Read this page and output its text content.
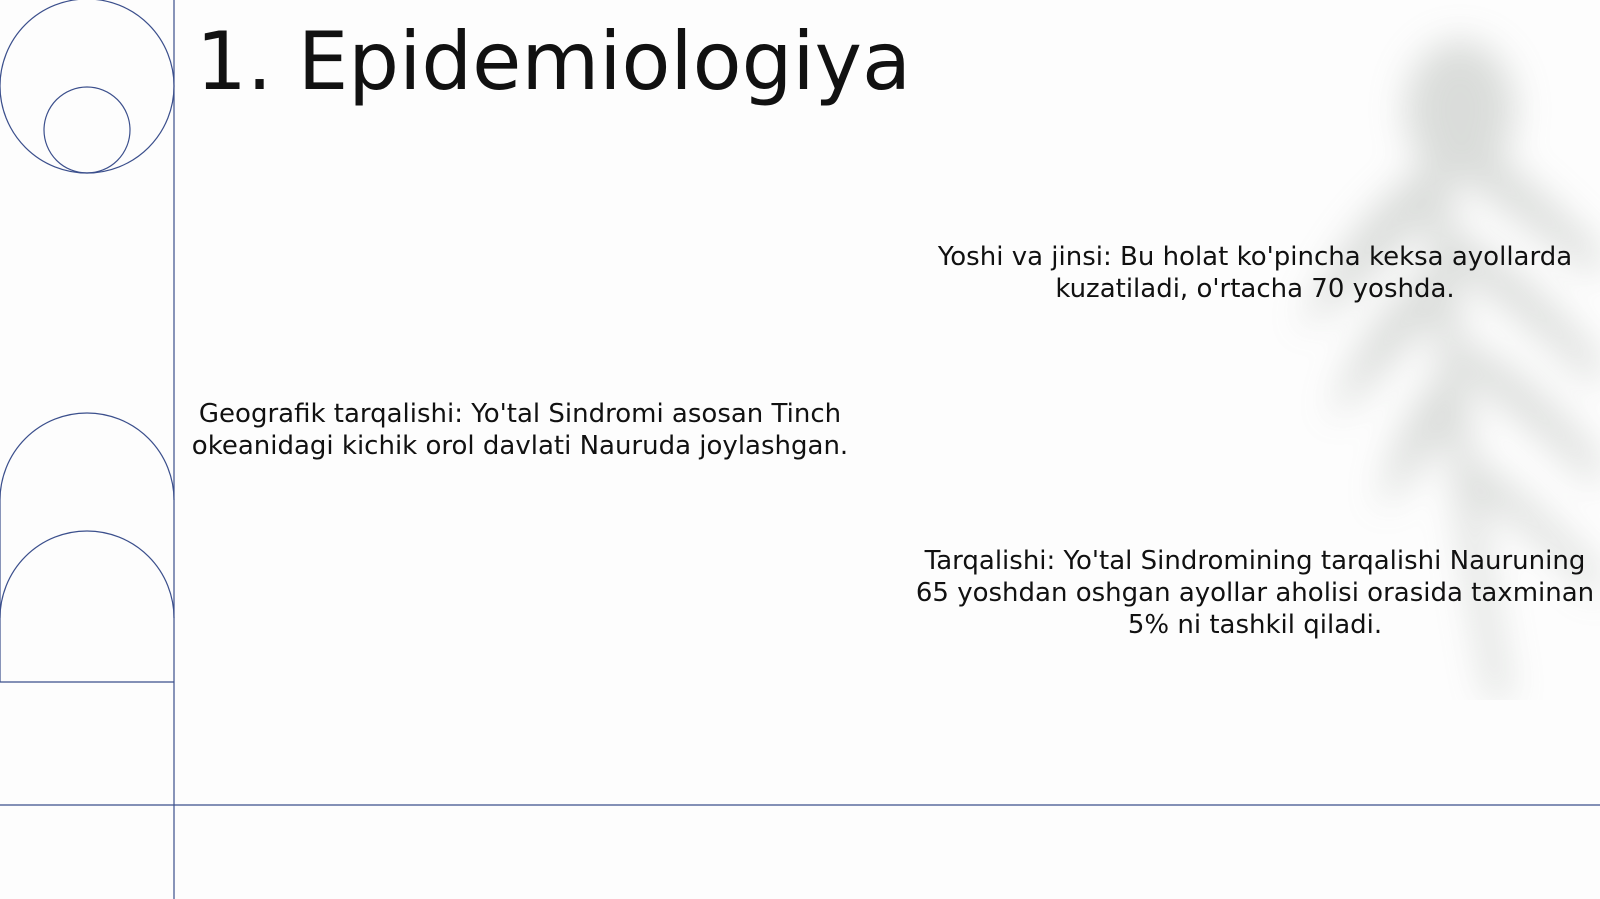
1. Epidemiologiya

Geografik tarqalishi: Yo'tal Sindromi asosan Tinch okeanidagi kichik orol davlati Nauruda joylashgan.

Yoshi va jinsi: Bu holat ko'pincha keksa ayollarda kuzatiladi, o'rtacha 70 yoshda.

Tarqalishi: Yo'tal Sindromining tarqalishi Nauruning 65 yoshdan oshgan ayollar aholisi orasida taxminan 5% ni tashkil qiladi.
